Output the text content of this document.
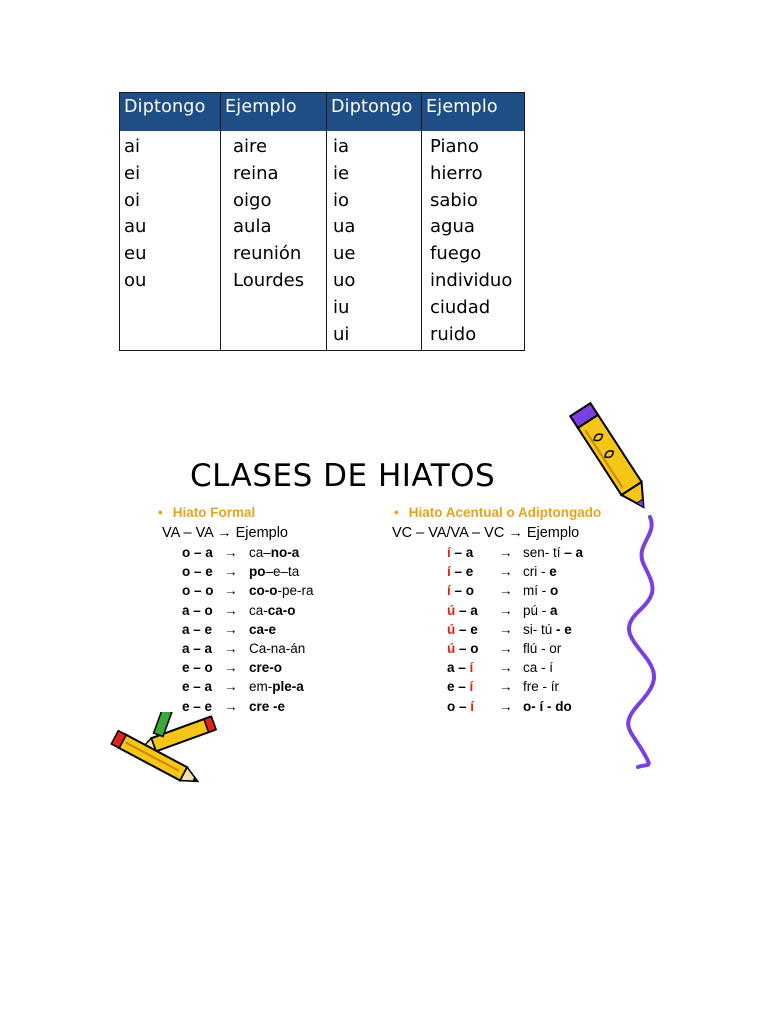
Diptongo
ai
ei
oi
au
eu
ou
Ejemplo
aire
reina
oigo
aula
reunión
Lourdes
Diptongo
ia
ie
io
ua
ue
uo
iu
ui
Ejemplo
Piano
hierro
sabio
agua
fuego
individuo
ciudad
ruido
CLASES DE HIATOS
• Hiato Formal
VA – VA → Ejemplo
o – a → ca–no-a
o – e → po–e–ta
o – o → co-o-pe-ra
a – o → ca-ca-o
a – e → ca-e
a – a → Ca-na-án
e – o → cre-o
e – a → em-ple-a
e – e → cre -e
• Hiato Acentual o Adiptongado
VC – VA/VA – VC → Ejemplo
í – a → sen- tí – a
í – e → cri - e
í – o → mí - o
ú – a → pú - a
ú – e → si- tú - e
ú – o → flú - or
a – í → ca - í
e – í → fre - ír
o – í → o- í - do
